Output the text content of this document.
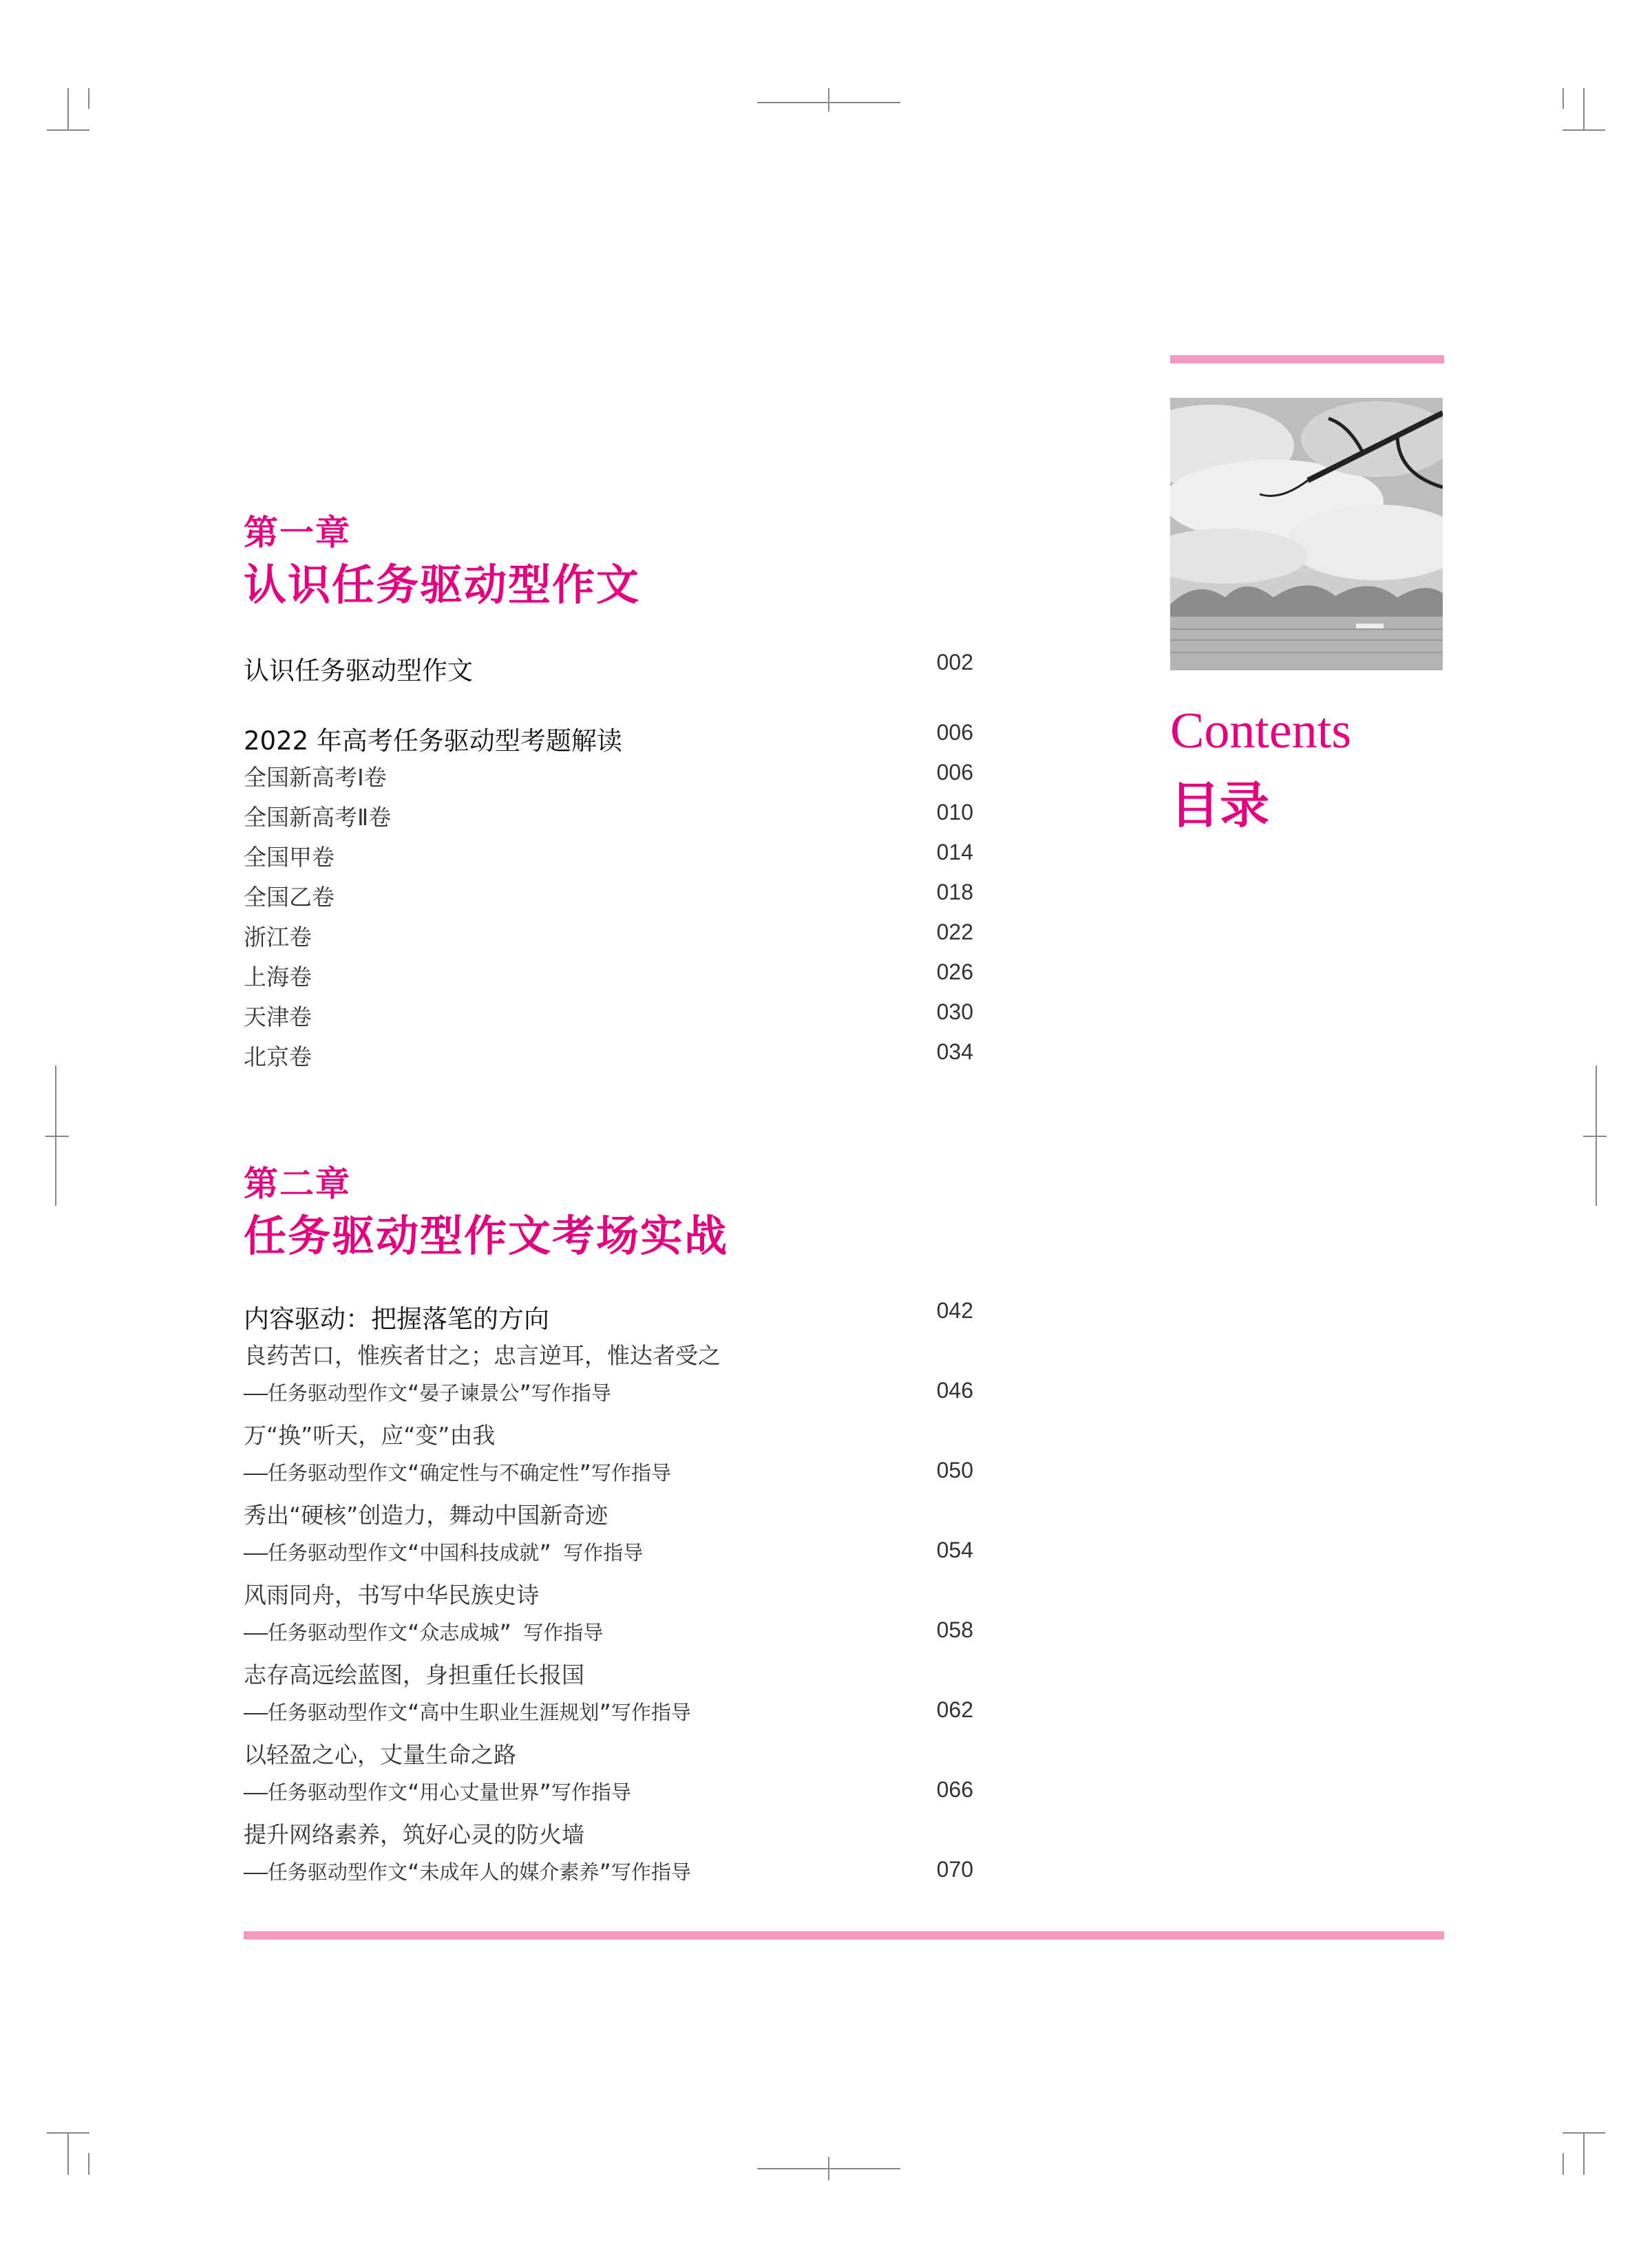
Contents
目录
第一章
认识任务驱动型作文
认识任务驱动型作文	002
2022 年高考任务驱动型考题解读	006
全国新高考Ⅰ卷	006
全国新高考Ⅱ卷	010
全国甲卷	014
全国乙卷	018
浙江卷	022
上海卷	026
天津卷	030
北京卷	034
第二章
任务驱动型作文考场实战
内容驱动：把握落笔的方向	042
良药苦口，惟疾者甘之；忠言逆耳，惟达者受之
——任务驱动型作文“晏子谏景公”写作指导	046
万“换”听天，应“变”由我
——任务驱动型作文“确定性与不确定性”写作指导	050
秀出“硬核”创造力，舞动中国新奇迹
——任务驱动型作文“中国科技成就” 写作指导	054
风雨同舟，书写中华民族史诗
——任务驱动型作文“众志成城” 写作指导	058
志存高远绘蓝图，身担重任长报国
——任务驱动型作文“高中生职业生涯规划”写作指导	062
以轻盈之心，丈量生命之路
——任务驱动型作文“用心丈量世界”写作指导	066
提升网络素养，筑好心灵的防火墙
——任务驱动型作文“未成年人的媒介素养”写作指导	070
